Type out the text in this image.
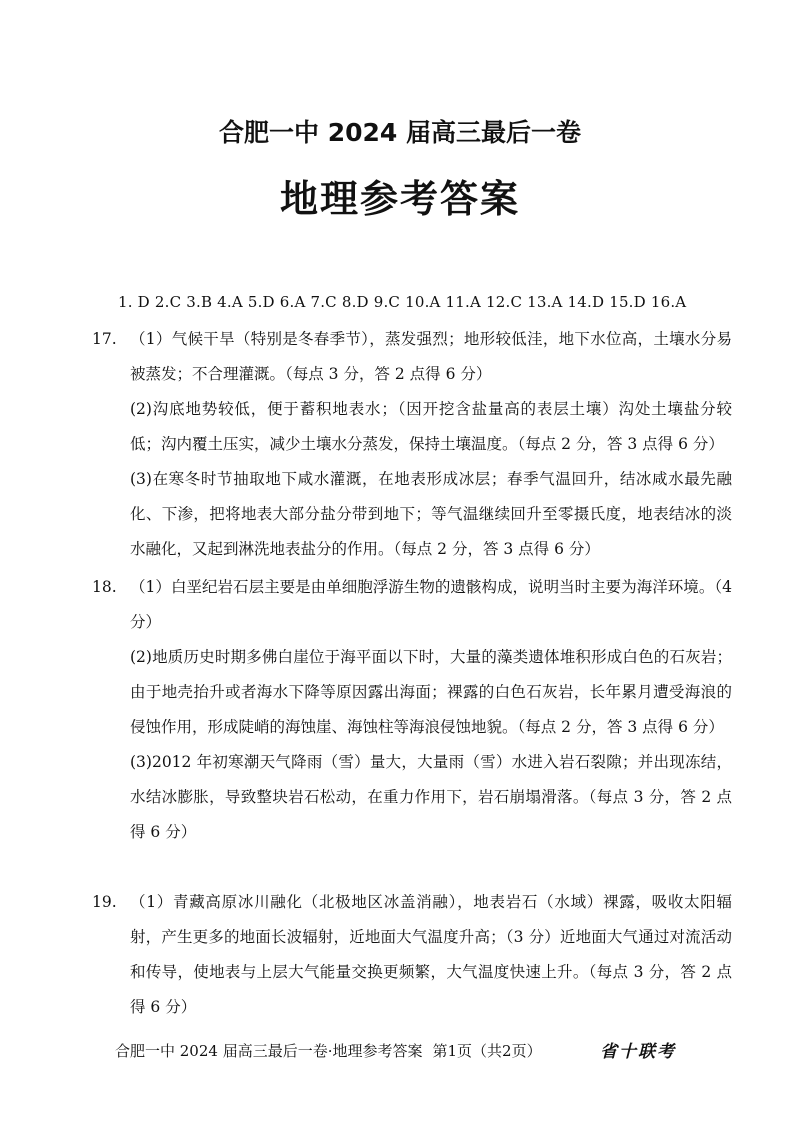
合肥一中 2024 届高三最后一卷
地理参考答案
1. D 2.C 3.B 4.A 5.D 6.A 7.C 8.D 9.C 10.A 11.A 12.C 13.A 14.D 15.D 16.A
17. （1）气候干旱（特别是冬春季节），蒸发强烈；地形较低洼，地下水位高，土壤水分易被蒸发；不合理灌溉。（每点 3 分，答 2 点得 6 分）

(2)沟底地势较低，便于蓄积地表水；（因开挖含盐量高的表层土壤）沟处土壤盐分较低；沟内覆土压实，减少土壤水分蒸发，保持土壤温度。（每点 2 分，答 3 点得 6 分）

(3)在寒冬时节抽取地下咸水灌溉，在地表形成冰层；春季气温回升，结冰咸水最先融化、下渗，把将地表大部分盐分带到地下；等气温继续回升至零摄氏度，地表结冰的淡水融化，又起到淋洗地表盐分的作用。（每点 2 分，答 3 点得 6 分）

18. （1）白垩纪岩石层主要是由单细胞浮游生物的遗骸构成，说明当时主要为海洋环境。（4 分）

(2)地质历史时期多佛白崖位于海平面以下时，大量的藻类遗体堆积形成白色的石灰岩；由于地壳抬升或者海水下降等原因露出海面；裸露的白色石灰岩，长年累月遭受海浪的侵蚀作用，形成陡峭的海蚀崖、海蚀柱等海浪侵蚀地貌。（每点 2 分，答 3 点得 6 分）

(3)2012 年初寒潮天气降雨（雪）量大，大量雨（雪）水进入岩石裂隙；并出现冻结，水结冰膨胀，导致整块岩石松动，在重力作用下，岩石崩塌滑落。（每点 3 分，答 2 点得 6 分）

19. （1）青藏高原冰川融化（北极地区冰盖消融），地表岩石（水域）裸露，吸收太阳辐射，产生更多的地面长波辐射，近地面大气温度升高；（3 分）近地面大气通过对流活动和传导，使地表与上层大气能量交换更频繁，大气温度快速上升。（每点 3 分，答 2 点得 6 分）

合肥一中 2024 届高三最后一卷·地理参考答案 第1页（共2页）	省十联考
